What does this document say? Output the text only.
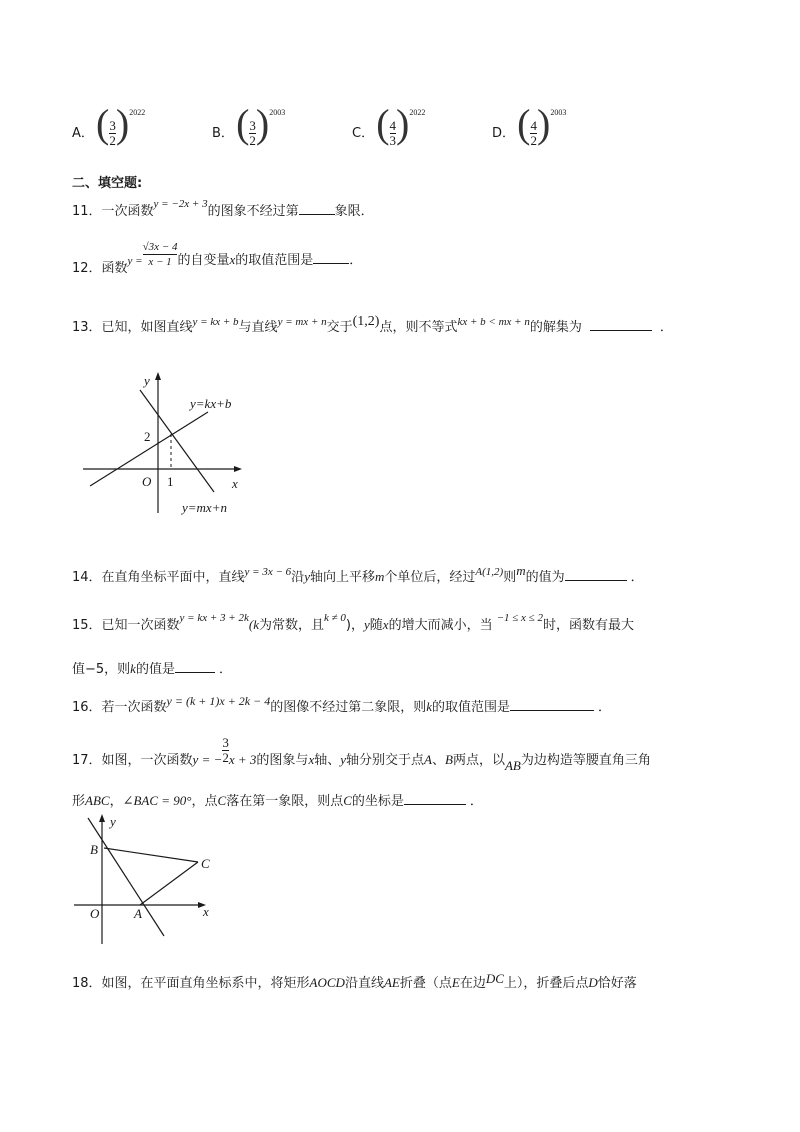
A． ( $\frac{3}{2} )^{2022}$
B． ( $\frac{3}{2} )^{2003}$
C． ( $\frac{4}{3} )^{2022}$
D． ( $\frac{4}{2} )^{2003}$
二、填空题:
11．一次函数$^{y = -2x + 3}$的图象不经过第	象限．
12．函数$_{y =} \frac{√3x - 4}{x - 1}$ 的自变量x的取值范围是	．
13．已知，如图直线$^{y = kx + b}$与直线$^{y = mx + n}$交于(1,2)点，则不等式$^{kx + b < mx + n}$的解集为	．
y
x
O 1
2
y=kx+b
y=mx+n
14．在直角坐标平面中，直线$^{y = 3x - 6}$沿y轴向上平移m个单位后，经过$^{A(1,2)}$则m的值为	．
15．已知一次函数$^{y = kx + 3 + 2k}$(k为常数，且$^{k \ne 0}$)，y随x的增大而减小，当 $^{-1 \le x \le 2}$时，函数有最大
值−5，则k的值是	．
16．若一次函数y = (k + 1)x + 2k − 4的图像不经过第二象限，则k的取值范围是	．
17．如图，一次函数y = − $\frac{3}{2}$ x + 3的图象与x轴、y轴分别交于点A、B两点，以AB为边构造等腰直角三角
形ABC，∠BAC = 90°，点C落在第一象限，则点C的坐标是	．
y
x
O	A
B
C
18．如图，在平面直角坐标系中，将矩形AOCD沿直线AE折叠（点E在边DC上），折叠后点D恰好落
